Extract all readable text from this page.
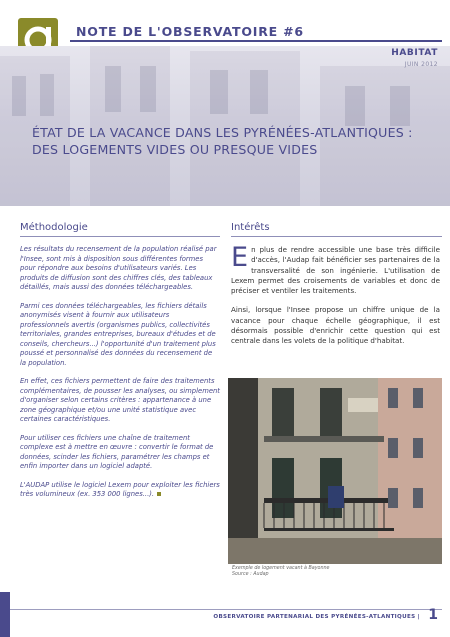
NOTE DE L'OBSERVATOIRE #6
HABITAT
JUIN 2012
ÉTAT DE LA VACANCE DANS LES PYRÉNÉES-ATLANTIQUES : DES LOGEMENTS VIDES OU PRESQUE VIDES
Méthodologie

Les résultats du recensement de la population réalisé par l'Insee, sont mis à disposition sous différentes formes pour répondre aux besoins d'utilisateurs variés. Les produits de diffusion sont des chiffres clés, des tableaux détaillés, mais aussi des données téléchargeables.

Parmi ces données téléchargeables, les fichiers détails anonymisés visent à fournir aux utilisateurs professionnels avertis (organismes publics, collectivités territoriales, grandes entreprises, bureaux d'études et de conseils, chercheurs...) l'opportunité d'un traitement plus poussé et personnalisé des données du recensement de la population.

En effet, ces fichiers permettent de faire des traitements complémentaires, de pousser les analyses, ou simplement d'organiser selon certains critères : appartenance à une zone géographique et/ou une unité statistique avec certaines caractéristiques.

Pour utiliser ces fichiers une chaîne de traitement complexe est à mettre en œuvre : convertir le format de données, scinder les fichiers, paramétrer les champs et enfin importer dans un logiciel adapté.

L'AUDAP utilise le logiciel Lexem pour exploiter les fichiers très volumineux (ex. 353 000 lignes...).

Intérêts

En plus de rendre accessible une base très difficile d'accès, l'Audap fait bénéficier ses partenaires de la transversalité de son ingénierie. L'utilisation de Lexem permet des croisements de variables et donc de préciser et ventiler les traitements.

Ainsi, lorsque l'Insee propose un chiffre unique de la vacance pour chaque échelle géographique, il est désormais possible d'enrichir cette question qui est centrale dans les volets de la politique d'habitat.

Exemple de logement vacant à Bayonne
Source : Audap
OBSERVATOIRE PARTENARIAL DES PYRÉNÉES-ATLANTIQUES | 1
